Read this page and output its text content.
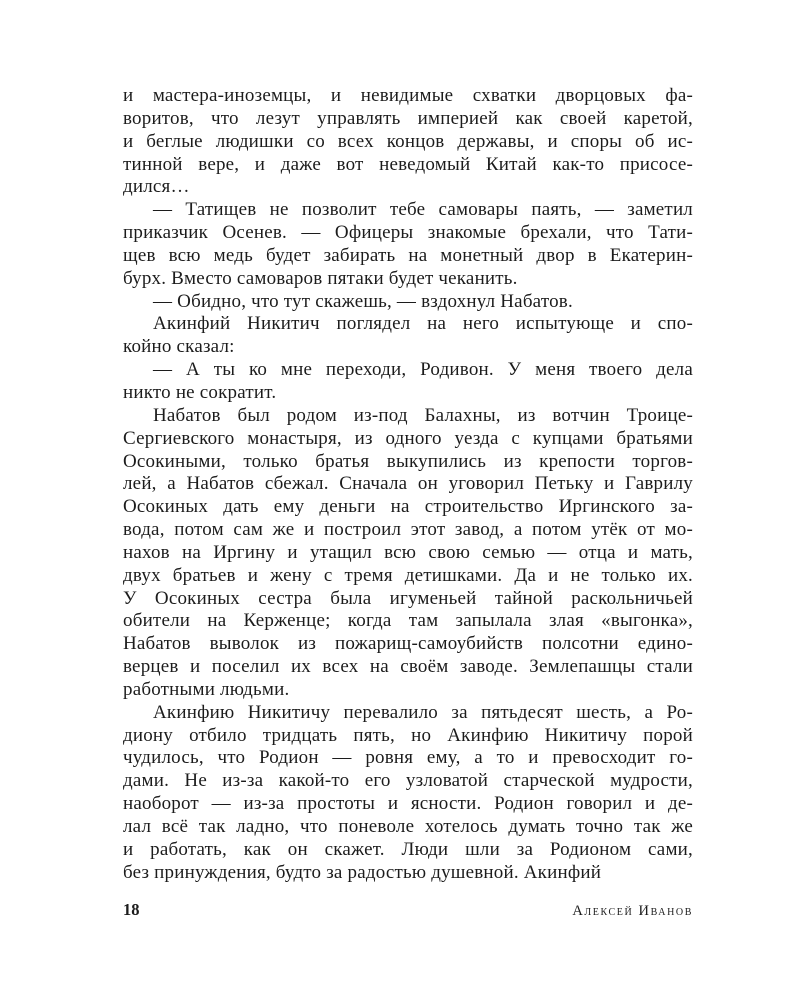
и мастера-иноземцы, и невидимые схватки дворцовых фа-
воритов, что лезут управлять империей как своей каретой,
и беглые людишки со всех концов державы, и споры об ис-
тинной вере, и даже вот неведомый Китай как-то присосе-
дился…
— Татищев не позволит тебе самовары паять, — заметил
приказчик Осенев. — Офицеры знакомые брехали, что Тати-
щев всю медь будет забирать на монетный двор в Екатерин-
бурх. Вместо самоваров пятаки будет чеканить.
— Обидно, что тут скажешь, — вздохнул Набатов.
Акинфий Никитич поглядел на него испытующе и спо-
койно сказал:
— А ты ко мне переходи, Родивон. У меня твоего дела
никто не сократит.
Набатов был родом из-под Балахны, из вотчин Троице-
Сергиевского монастыря, из одного уезда с купцами братьями
Осокиными, только братья выкупились из крепости торгов-
лей, а Набатов сбежал. Сначала он уговорил Петьку и Гаврилу
Осокиных дать ему деньги на строительство Иргинского за-
вода, потом сам же и построил этот завод, а потом утёк от мо-
нахов на Иргину и утащил всю свою семью — отца и мать,
двух братьев и жену с тремя детишками. Да и не только их.
У Осокиных сестра была игуменьей тайной раскольничьей
обители на Керженце; когда там запылала злая «выгонка»,
Набатов выволок из пожарищ-самоубийств полсотни едино-
верцев и поселил их всех на своём заводе. Землепашцы стали
работными людьми.
Акинфию Никитичу перевалило за пятьдесят шесть, а Ро-
диону отбило тридцать пять, но Акинфию Никитичу порой
чудилось, что Родион — ровня ему, а то и превосходит го-
дами. Не из-за какой-то его узловатой старческой мудрости,
наоборот — из-за простоты и ясности. Родион говорил и де-
лал всё так ладно, что поневоле хотелось думать точно так же
и работать, как он скажет. Люди шли за Родионом сами,
без принуждения, будто за радостью душевной. Акинфий
18	Алексей Иванов
